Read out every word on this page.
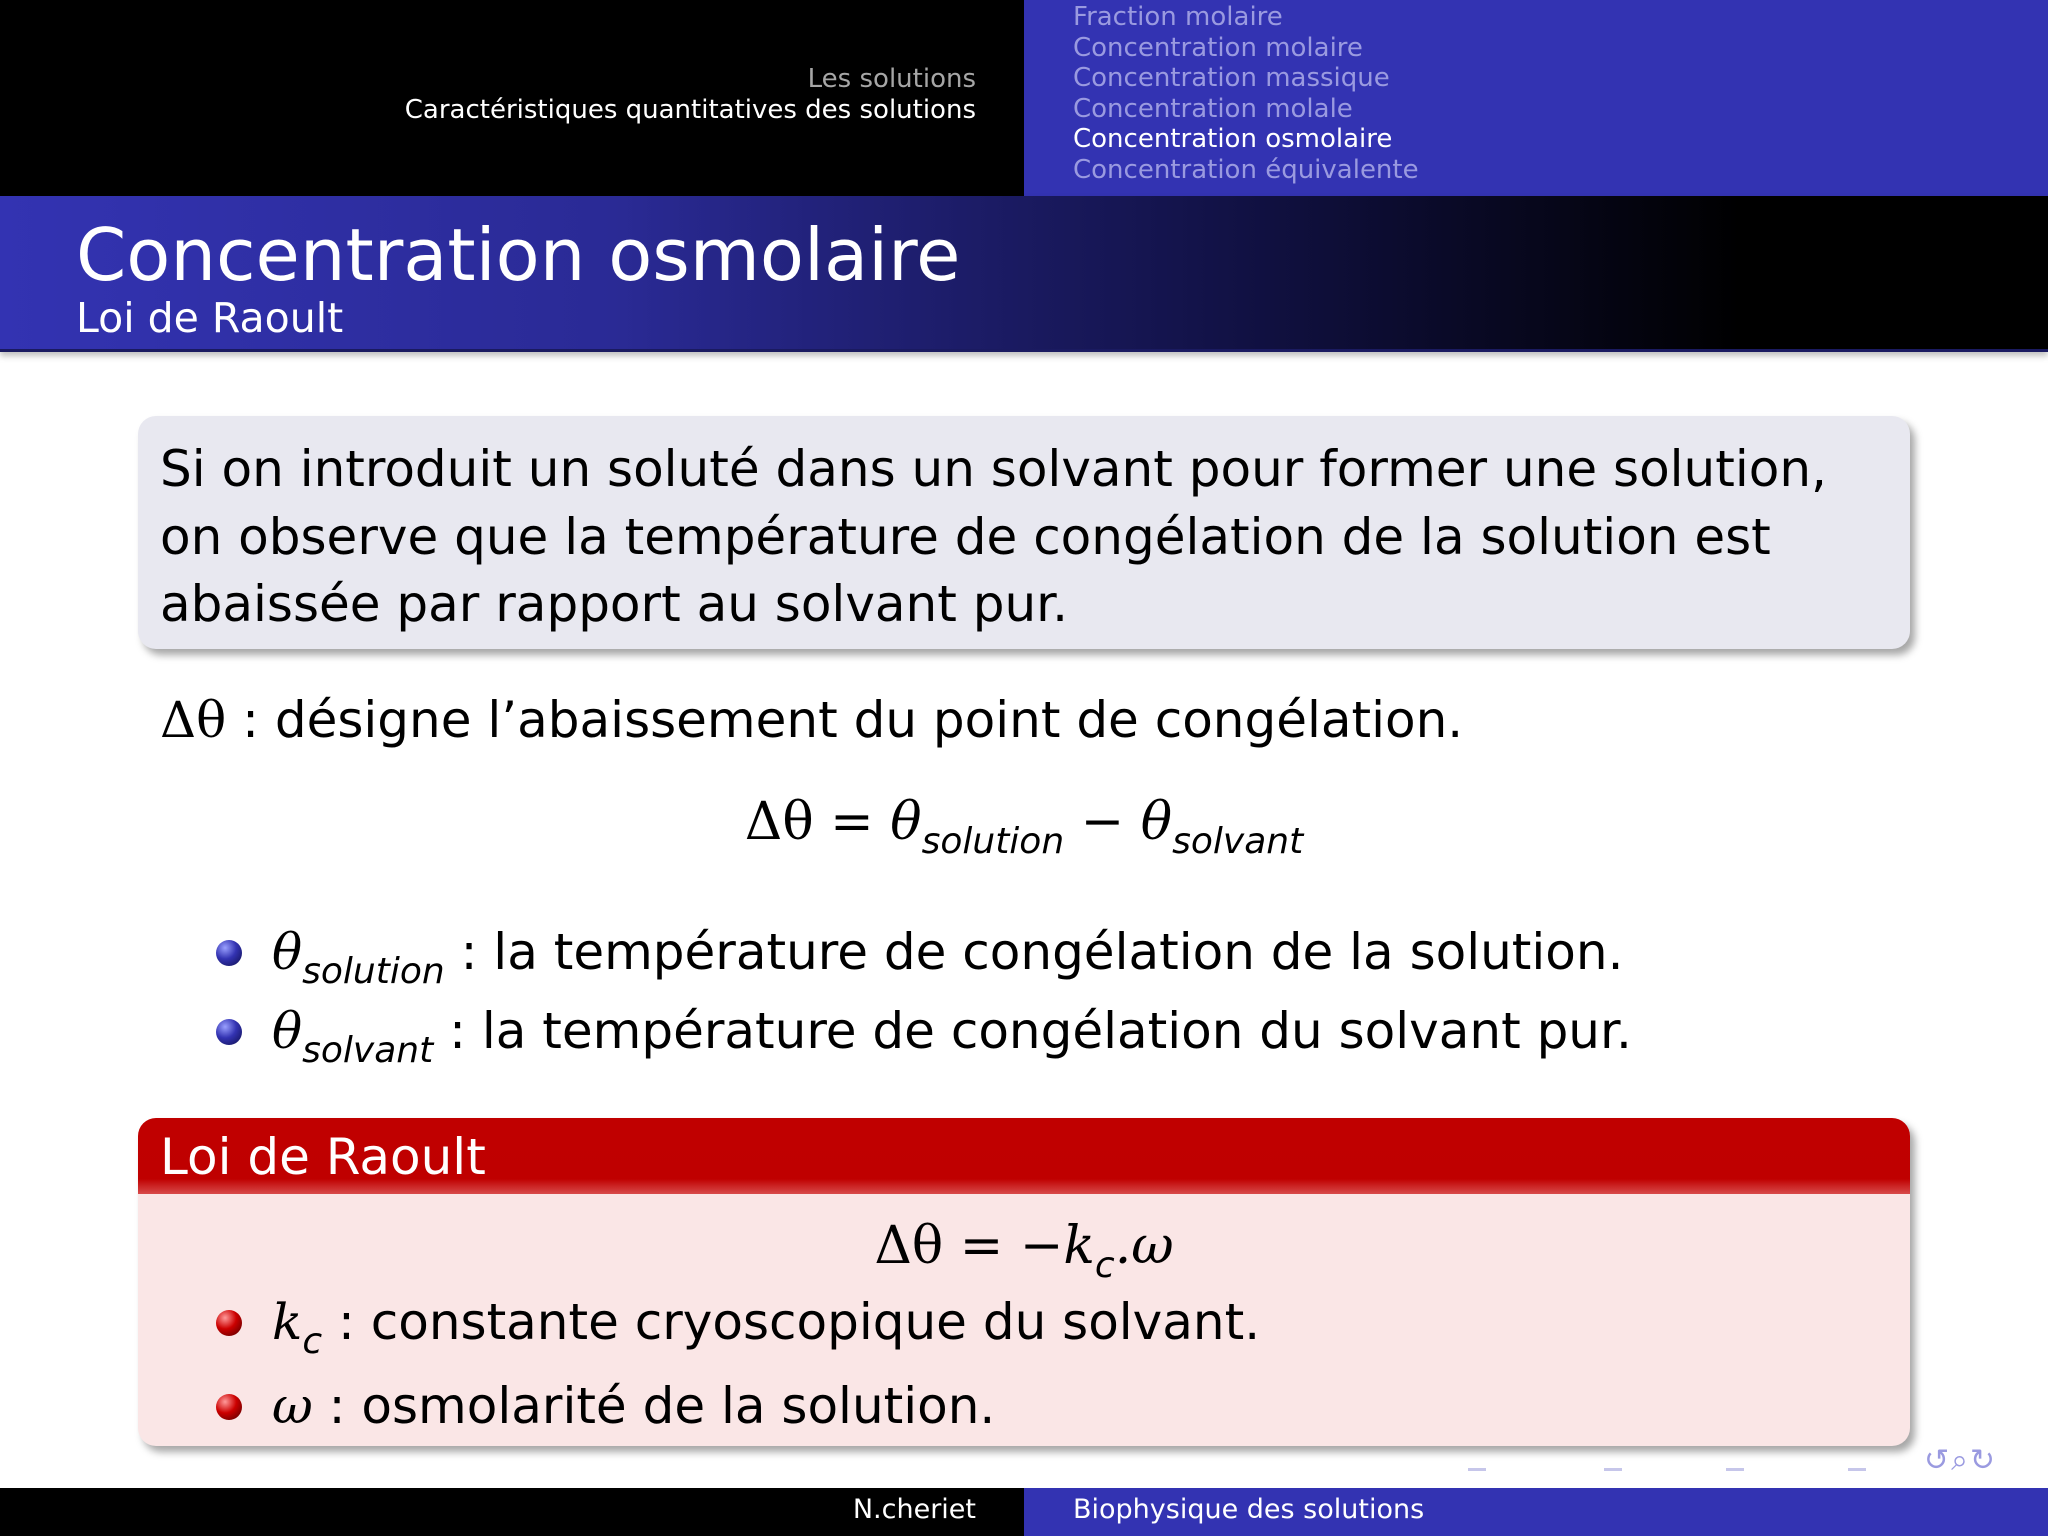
Les solutions
Caractéristiques quantitatives des solutions
Fraction molaire
Concentration molaire
Concentration massique
Concentration molale
Concentration osmolaire
Concentration équivalente
Concentration osmolaire
Loi de Raoult
Si on introduit un soluté dans un solvant pour former une solution, on observe que la température de congélation de la solution est abaissée par rapport au solvant pur.
Δθ : désigne l’abaissement du point de congélation.
$\Delta\theta = \theta_{solution} - \theta_{solvant}$
$\theta_{solution}$ : la température de congélation de la solution.
$\theta_{solvant}$ : la température de congélation du solvant pur.
Loi de Raoult
$\Delta\theta = -k_c.\omega$
$k_c$ : constante cryoscopique du solvant.
ω : osmolarité de la solution.
↺⌕↻
N.cheriet	Biophysique des solutions
